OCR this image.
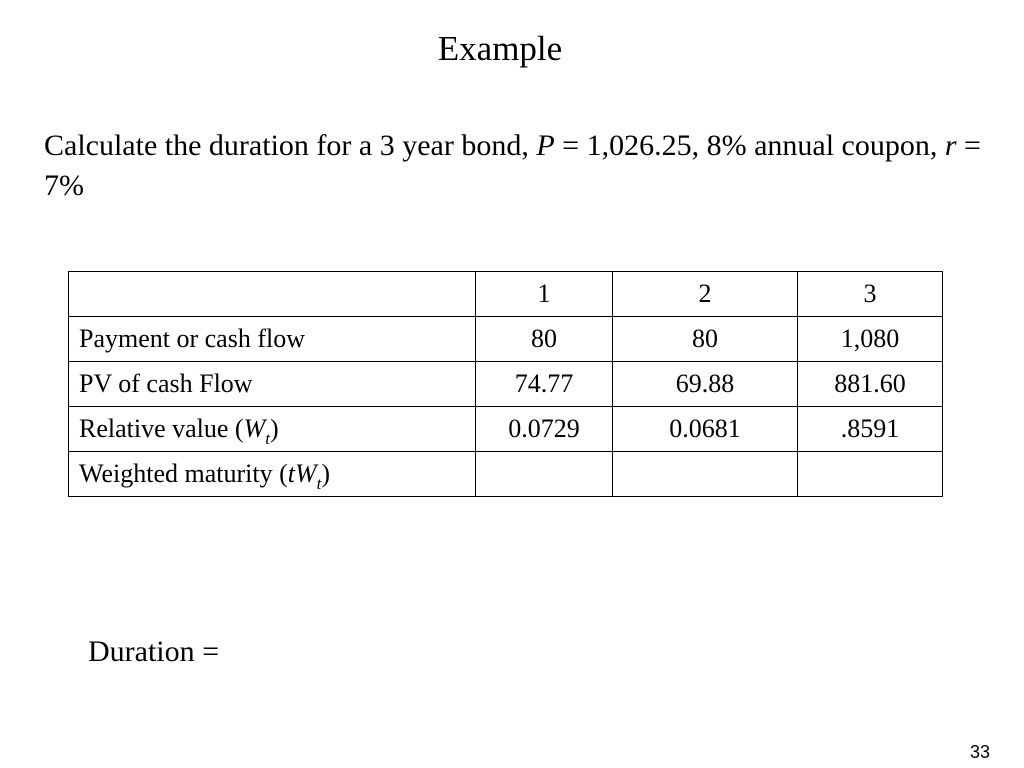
Example
Calculate the duration for a 3 year bond, P = 1,026.25, 8% annual coupon, r = 7%
	1	2	3
Payment or cash flow	80	80	1,080
PV of cash Flow	74.77	69.88	881.60
Relative value $(W_t)$	0.0729	0.0681	.8591
Weighted maturity $(tW_t)$			
Duration =
33
